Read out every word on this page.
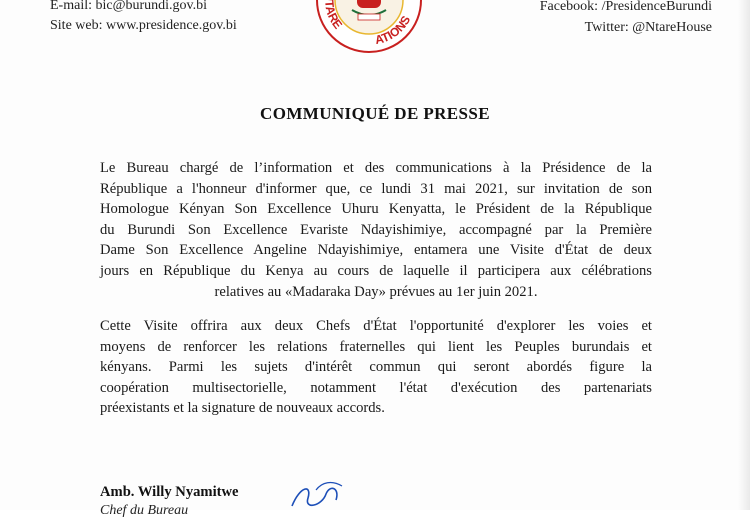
E-mail: bic@burundi.gov.bi
Site web: www.presidence.gov.bi
Facebook: /PresidenceBurundi
Twitter: @NtareHouse
TARE
ATIONS
COMMUNIQUÉ DE PRESSE
Le Bureau chargé de l’information et des communications à la Présidence de la
République a l'honneur d'informer que, ce lundi 31 mai 2021, sur invitation de son
Homologue Kényan Son Excellence Uhuru Kenyatta, le Président de la République
du Burundi Son Excellence Evariste Ndayishimiye, accompagné par la Première
Dame Son Excellence Angeline Ndayishimiye, entamera une Visite d'État de deux
jours en République du Kenya au cours de laquelle il participera aux célébrations
relatives au «Madaraka Day» prévues au 1er juin 2021.
Cette Visite offrira aux deux Chefs d'État l'opportunité d'explorer les voies et
moyens de renforcer les relations fraternelles qui lient les Peuples burundais et
kényans. Parmi les sujets d'intérêt commun qui seront abordés figure la
coopération multisectorielle, notamment l'état d'exécution des partenariats
préexistants et la signature de nouveaux accords.
Amb. Willy Nyamitwe
Chef du Bureau
